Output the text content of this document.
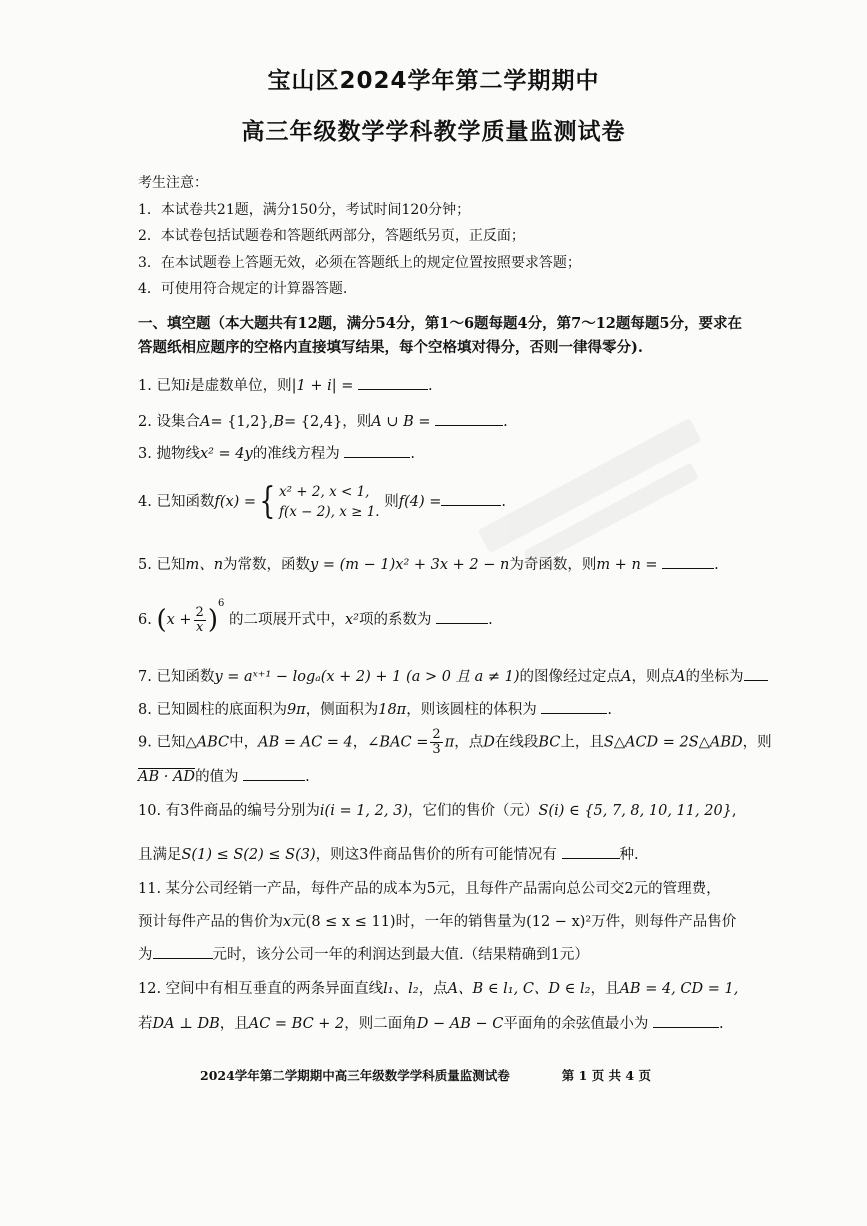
宝山区2024学年第二学期期中
高三年级数学学科教学质量监测试卷
考生注意：
1．本试卷共21题，满分150分，考试时间120分钟；
2．本试卷包括试题卷和答题纸两部分，答题纸另页，正反面；
3．在本试题卷上答题无效，必须在答题纸上的规定位置按照要求答题；
4．可使用符合规定的计算器答题.
一、填空题（本大题共有12题，满分54分，第1～6题每题4分，第7～12题每题5分，要求在答题纸相应题序的空格内直接填写结果，每个空格填对得分，否则一律得零分).
1. 已知i是虚数单位，则|1 + i| =	.
2. 设集合A= {1,2},B= {2,4}，则A ∪ B =	.
3. 抛物线x² = 4y的准线方程为	.
4. 已知函数f(x) ={ x² + 2, x < 1,
f(x − 2), x ≥ 1.
则f(4) =	.
5. 已知m、n为常数，函数y = (m − 1)x² + 3x + 2 − n为奇函数，则m + n =	.
6. $(x + \frac{2}{x})^6$ 的二项展开式中，x²项的系数为	.
7. 已知函数y = aˣ⁺¹ − logₐ(x + 2) + 1 (a > 0 且 a ≠ 1)的图像经过定点A，则点A的坐标为
8. 已知圆柱的底面积为9π，侧面积为18π，则该圆柱的体积为	.
9. 已知△ABC中，AB = AC = 4，∠BAC = $\frac{2}{3}$ π，点D在线段BC上，且S△ACD = 2S△ABD，则
AB · AD的值为	.
10. 有3件商品的编号分别为i(i = 1, 2, 3)，它们的售价（元）S(i) ∈ {5, 7, 8, 10, 11, 20},
且满足S(1) ≤ S(2) ≤ S(3)，则这3件商品售价的所有可能情况有	种.
11. 某分公司经销一产品，每件产品的成本为5元，且每件产品需向总公司交2元的管理费，
预计每件产品的售价为x元(8 ≤ x ≤ 11)时，一年的销售量为(12 − x)²万件，则每件产品售价
为	元时，该分公司一年的利润达到最大值.（结果精确到1元）
12. 空间中有相互垂直的两条异面直线l₁、l₂，点A、B ∈ l₁, C、D ∈ l₂，且AB = 4, CD = 1,
若DA ⊥ DB，且AC = BC + 2，则二面角D − AB − C平面角的余弦值最小为	.
2024学年第二学期期中高三年级数学学科质量监测试卷	第 1 页 共 4 页
